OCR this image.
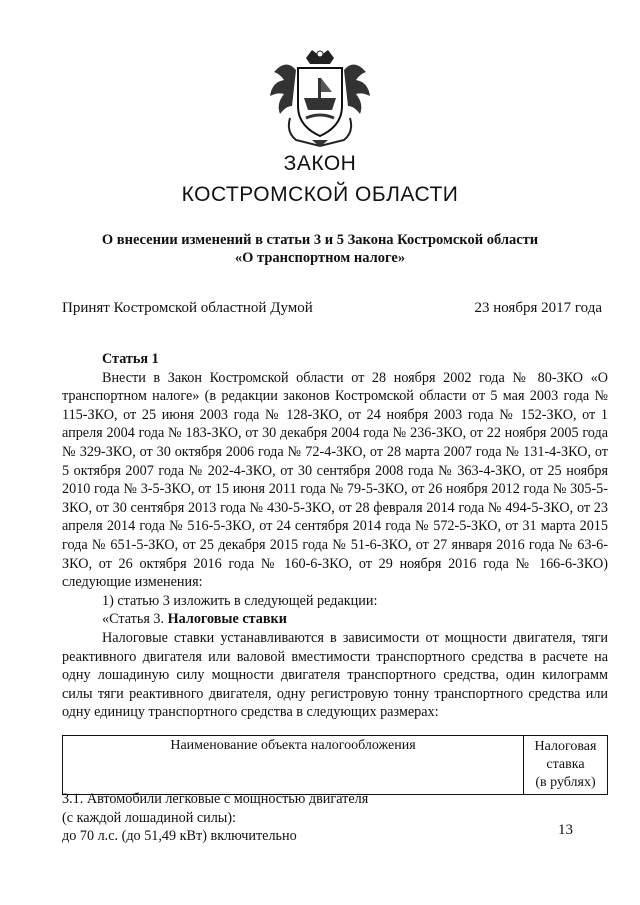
ЗАКОН
КОСТРОМСКОЙ ОБЛАСТИ
О внесении изменений в статьи 3 и 5 Закона Костромской области
«О транспортном налоге»
Принят Костромской областной Думой	23 ноября 2017 года

Статья 1

Внести в Закон Костромской области от 28 ноября 2002 года № 80-ЗКО «О транспортном налоге» (в редакции законов Костромской области от 5 мая 2003 года № 115-ЗКО, от 25 июня 2003 года № 128-ЗКО, от 24 ноября 2003 года № 152-ЗКО, от 1 апреля 2004 года № 183-ЗКО, от 30 декабря 2004 года № 236-ЗКО, от 22 ноября 2005 года № 329-ЗКО, от 30 октября 2006 года № 72-4-ЗКО, от 28 марта 2007 года № 131-4-ЗКО, от 5 октября 2007 года № 202-4-ЗКО, от 30 сентября 2008 года № 363-4-ЗКО, от 25 ноября 2010 года № 3-5-ЗКО, от 15 июня 2011 года № 79-5-ЗКО, от 26 ноября 2012 года № 305-5-ЗКО, от 30 сентября 2013 года № 430-5-ЗКО, от 28 февраля 2014 года № 494-5-ЗКО, от 23 апреля 2014 года № 516-5-ЗКО, от 24 сентября 2014 года № 572-5-ЗКО, от 31 марта 2015 года № 651-5-ЗКО, от 25 декабря 2015 года № 51-6-ЗКО, от 27 января 2016 года № 63-6-ЗКО, от 26 октября 2016 года № 160-6-ЗКО, от 29 ноября 2016 года № 166-6-ЗКО) следующие изменения:

1) статью 3 изложить в следующей редакции:

«Статья 3. Налоговые ставки

Налоговые ставки устанавливаются в зависимости от мощности двигателя, тяги реактивного двигателя или валовой вместимости транспортного средства в расчете на одну лошадиную силу мощности двигателя транспортного средства, один килограмм силы тяги реактивного двигателя, одну регистровую тонну транспортного средства или одну единицу транспортного средства в следующих размерах:

Наименование объекта налогообложения	Налоговая
ставка
(в рублях)

3.1. Автомобили легковые с мощностью двигателя

(с каждой лошадиной силы):

до 70 л.с. (до 51,49 кВт) включительно	13
